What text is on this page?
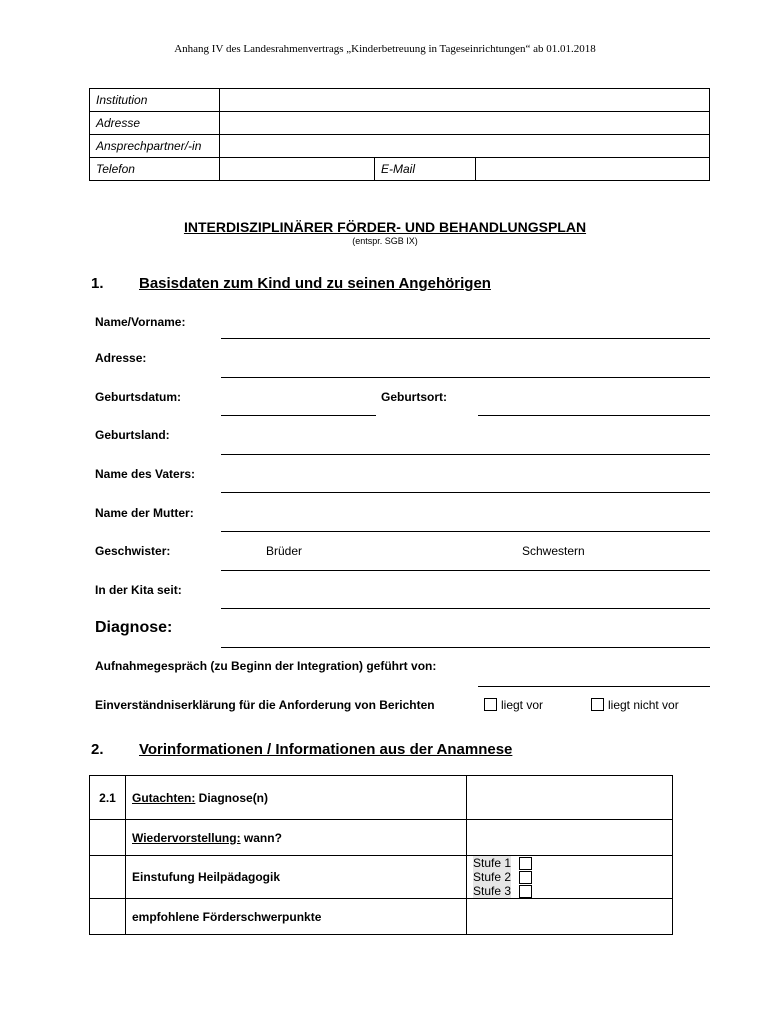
Anhang IV des Landesrahmenvertrags „Kinderbetreuung in Tageseinrichtungen“ ab 01.01.2018
Institution			
Adresse			
Ansprechpartner/-in			
Telefon		E-Mail	
INTERDISZIPLINÄRER FÖRDER- UND BEHANDLUNGSPLAN
(entspr. SGB IX)
1. Basisdaten zum Kind und zu seinen Angehörigen
Name/Vorname:
Adresse:
Geburtsdatum:	Geburtsort:
Geburtsland:
Name des Vaters:
Name der Mutter:
Geschwister:	Brüder	Schwestern
In der Kita seit:
Diagnose:
Aufnahmegespräch (zu Beginn der Integration) geführt von:
Einverständniserklärung für die Anforderung von Berichten	liegt vor	liegt nicht vor
2. Vorinformationen / Informationen aus der Anamnese
2.1	Gutachten: Diagnose(n)	
	Wiedervorstellung: wann?	
	Einstufung Heilpädagogik	Stufe 1
Stufe 2
Stufe 3

	empfohlene Förderschwerpunkte	
